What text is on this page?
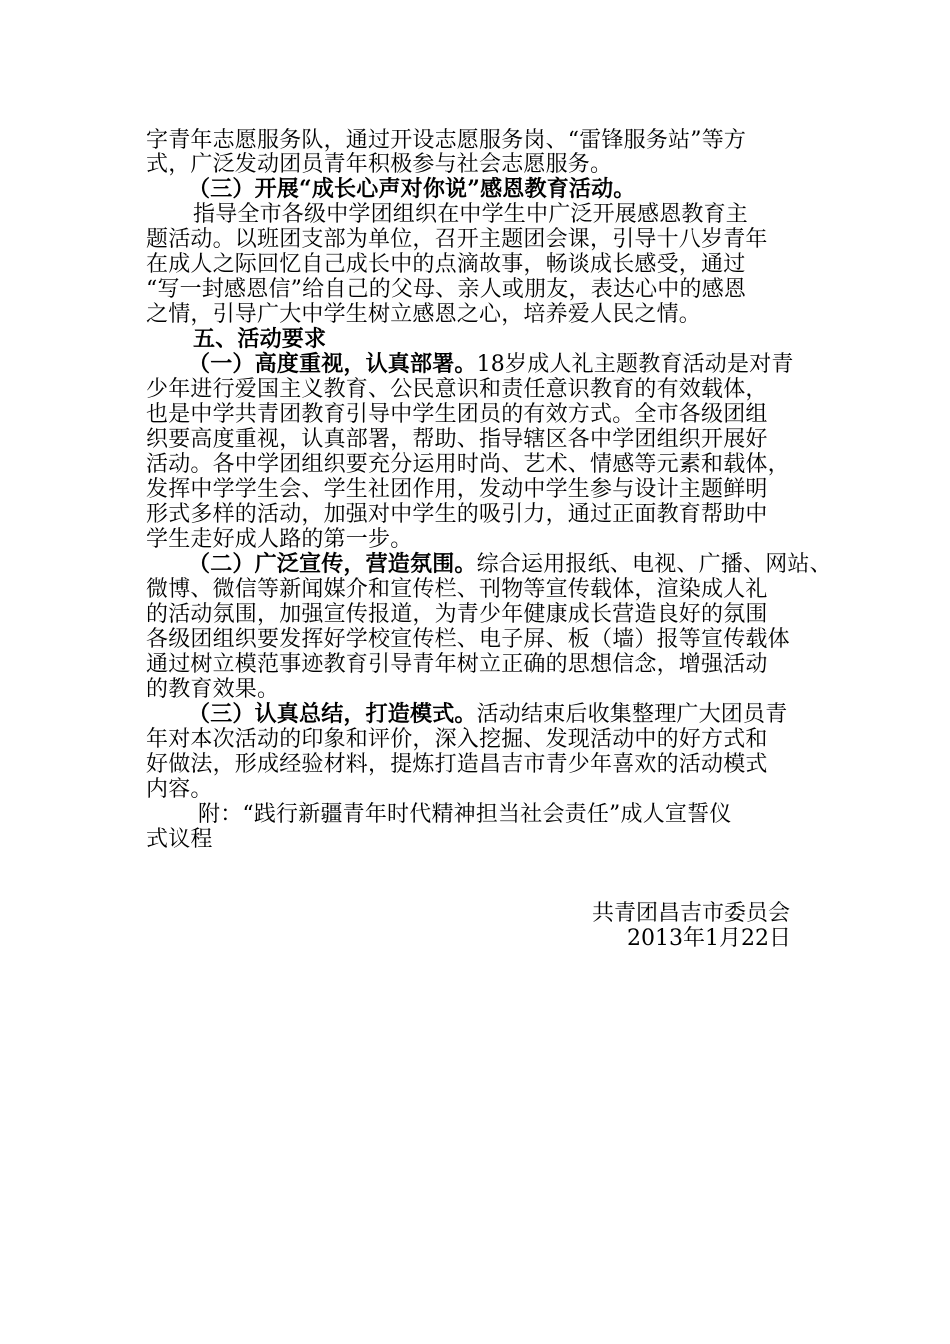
字青年志愿服务队，通过开设志愿服务岗、“雷锋服务站”等方
式，广泛发动团员青年积极参与社会志愿服务。
（三）开展“成长心声对你说”感恩教育活动。
指导全市各级中学团组织在中学生中广泛开展感恩教育主
题活动。以班团支部为单位，召开主题团会课，引导十八岁青年
在成人之际回忆自己成长中的点滴故事，畅谈成长感受，通过
“写一封感恩信”给自己的父母、亲人或朋友，表达心中的感恩
之情，引导广大中学生树立感恩之心，培养爱人民之情。
五、活动要求
（一）高度重视，认真部署。18岁成人礼主题教育活动是对青
少年进行爱国主义教育、公民意识和责任意识教育的有效载体，
也是中学共青团教育引导中学生团员的有效方式。全市各级团组
织要高度重视，认真部署，帮助、指导辖区各中学团组织开展好
活动。各中学团组织要充分运用时尚、艺术、情感等元素和载体，
发挥中学学生会、学生社团作用，发动中学生参与设计主题鲜明
形式多样的活动，加强对中学生的吸引力，通过正面教育帮助中
学生走好成人路的第一步。
（二）广泛宣传，营造氛围。综合运用报纸、电视、广播、网站、
微博、微信等新闻媒介和宣传栏、刊物等宣传载体，渲染成人礼
的活动氛围，加强宣传报道，为青少年健康成长营造良好的氛围
各级团组织要发挥好学校宣传栏、电子屏、板（墙）报等宣传载体
通过树立模范事迹教育引导青年树立正确的思想信念，增强活动
的教育效果。
（三）认真总结，打造模式。活动结束后收集整理广大团员青
年对本次活动的印象和评价，深入挖掘、发现活动中的好方式和
好做法，形成经验材料，提炼打造昌吉市青少年喜欢的活动模式
内容。
附：“践行新疆青年时代精神担当社会责任”成人宣誓仪
式议程
共青团昌吉市委员会
2013年1月22日
